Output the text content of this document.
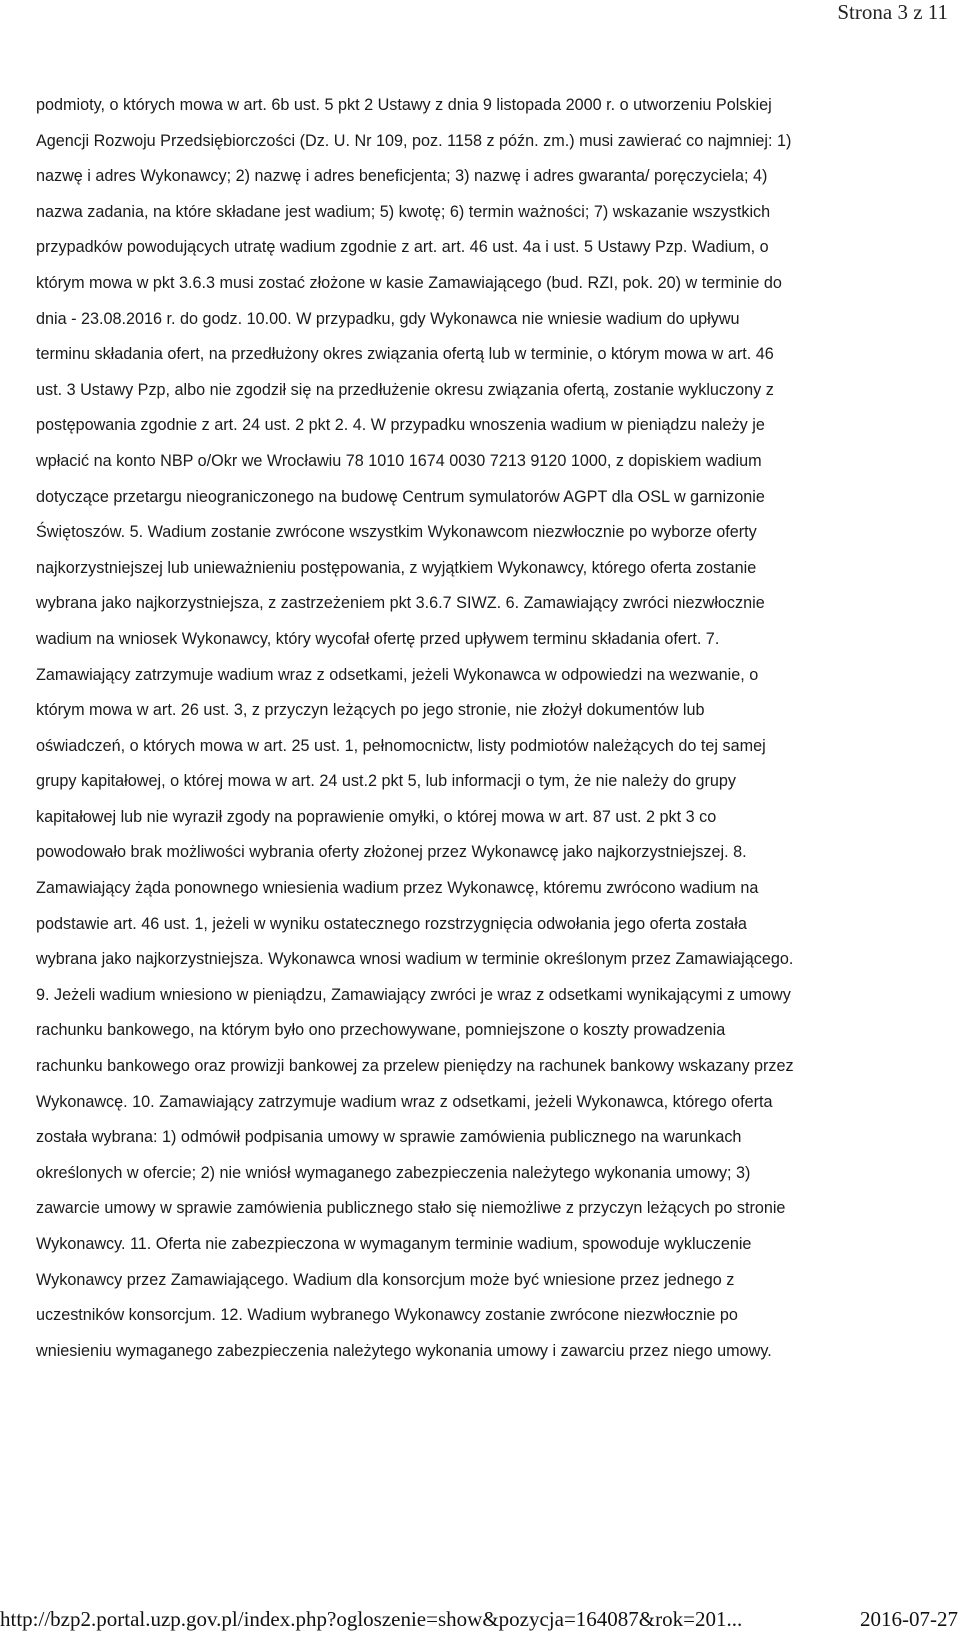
Strona 3 z 11
podmioty, o których mowa w art. 6b ust. 5 pkt 2 Ustawy z dnia 9 listopada 2000 r. o utworzeniu Polskiej
Agencji Rozwoju Przedsiębiorczości (Dz. U. Nr 109, poz. 1158 z późn. zm.) musi zawierać co najmniej: 1)
nazwę i adres Wykonawcy; 2) nazwę i adres beneficjenta; 3) nazwę i adres gwaranta/ poręczyciela; 4)
nazwa zadania, na które składane jest wadium; 5) kwotę; 6) termin ważności; 7) wskazanie wszystkich
przypadków powodujących utratę wadium zgodnie z art. art. 46 ust. 4a i ust. 5 Ustawy Pzp. Wadium, o
którym mowa w pkt 3.6.3 musi zostać złożone w kasie Zamawiającego (bud. RZI, pok. 20) w terminie do
dnia - 23.08.2016 r. do godz. 10.00. W przypadku, gdy Wykonawca nie wniesie wadium do upływu
terminu składania ofert, na przedłużony okres związania ofertą lub w terminie, o którym mowa w art. 46
ust. 3 Ustawy Pzp, albo nie zgodził się na przedłużenie okresu związania ofertą, zostanie wykluczony z
postępowania zgodnie z art. 24 ust. 2 pkt 2. 4. W przypadku wnoszenia wadium w pieniądzu należy je
wpłacić na konto NBP o/Okr we Wrocławiu 78 1010 1674 0030 7213 9120 1000, z dopiskiem wadium
dotyczące przetargu nieograniczonego na budowę Centrum symulatorów AGPT dla OSL w garnizonie
Świętoszów. 5. Wadium zostanie zwrócone wszystkim Wykonawcom niezwłocznie po wyborze oferty
najkorzystniejszej lub unieważnieniu postępowania, z wyjątkiem Wykonawcy, którego oferta zostanie
wybrana jako najkorzystniejsza, z zastrzeżeniem pkt 3.6.7 SIWZ. 6. Zamawiający zwróci niezwłocznie
wadium na wniosek Wykonawcy, który wycofał ofertę przed upływem terminu składania ofert. 7.
Zamawiający zatrzymuje wadium wraz z odsetkami, jeżeli Wykonawca w odpowiedzi na wezwanie, o
którym mowa w art. 26 ust. 3, z przyczyn leżących po jego stronie, nie złożył dokumentów lub
oświadczeń, o których mowa w art. 25 ust. 1, pełnomocnictw, listy podmiotów należących do tej samej
grupy kapitałowej, o której mowa w art. 24 ust.2 pkt 5, lub informacji o tym, że nie należy do grupy
kapitałowej lub nie wyraził zgody na poprawienie omyłki, o której mowa w art. 87 ust. 2 pkt 3 co
powodowało brak możliwości wybrania oferty złożonej przez Wykonawcę jako najkorzystniejszej. 8.
Zamawiający żąda ponownego wniesienia wadium przez Wykonawcę, któremu zwrócono wadium na
podstawie art. 46 ust. 1, jeżeli w wyniku ostatecznego rozstrzygnięcia odwołania jego oferta została
wybrana jako najkorzystniejsza. Wykonawca wnosi wadium w terminie określonym przez Zamawiającego.
9. Jeżeli wadium wniesiono w pieniądzu, Zamawiający zwróci je wraz z odsetkami wynikającymi z umowy
rachunku bankowego, na którym było ono przechowywane, pomniejszone o koszty prowadzenia
rachunku bankowego oraz prowizji bankowej za przelew pieniędzy na rachunek bankowy wskazany przez
Wykonawcę. 10. Zamawiający zatrzymuje wadium wraz z odsetkami, jeżeli Wykonawca, którego oferta
została wybrana: 1) odmówił podpisania umowy w sprawie zamówienia publicznego na warunkach
określonych w ofercie; 2) nie wniósł wymaganego zabezpieczenia należytego wykonania umowy; 3)
zawarcie umowy w sprawie zamówienia publicznego stało się niemożliwe z przyczyn leżących po stronie
Wykonawcy. 11. Oferta nie zabezpieczona w wymaganym terminie wadium, spowoduje wykluczenie
Wykonawcy przez Zamawiającego. Wadium dla konsorcjum może być wniesione przez jednego z
uczestników konsorcjum. 12. Wadium wybranego Wykonawcy zostanie zwrócone niezwłocznie po
wniesieniu wymaganego zabezpieczenia należytego wykonania umowy i zawarciu przez niego umowy.
http://bzp2.portal.uzp.gov.pl/index.php?ogloszenie=show&pozycja=164087&rok=201...	2016-07-27
